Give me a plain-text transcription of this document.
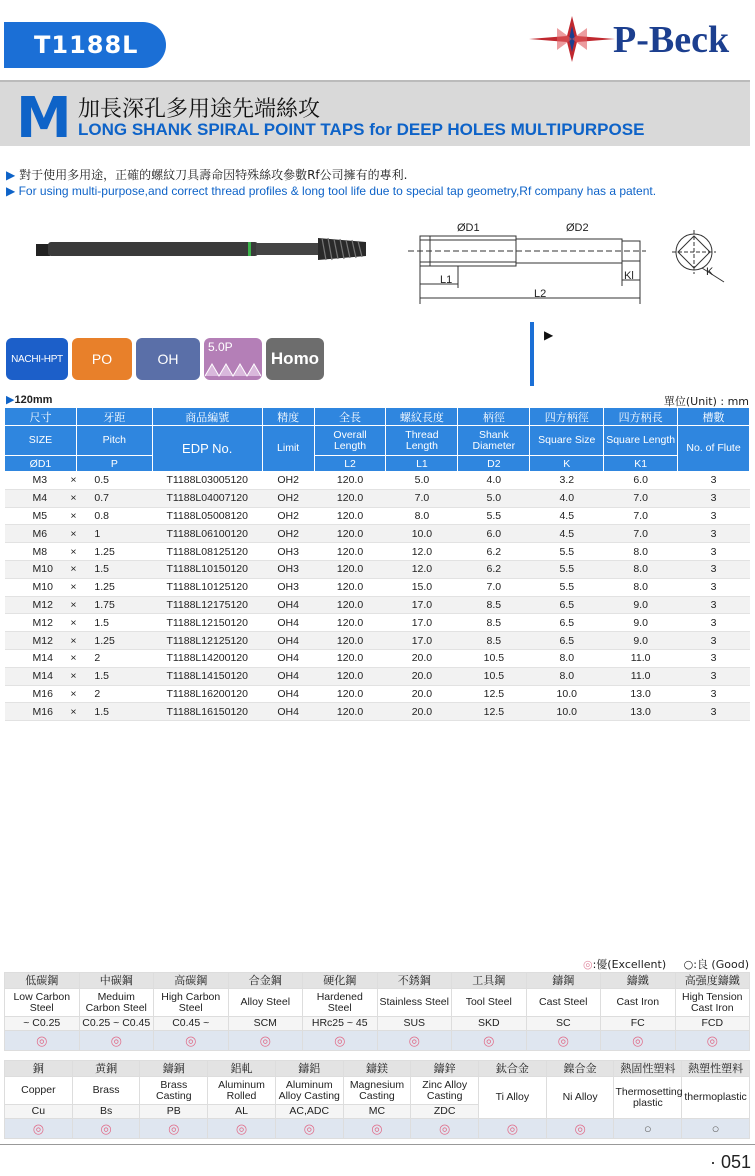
T1188L	P-Beck
M 加長深孔多用途先端絲攻
LONG SHANK SPIRAL POINT TAPS for DEEP HOLES MULTIPURPOSE
▶ 對于使用多用途，正確的螺紋刀具壽命因特殊絲攻參數Rf公司擁有的專利.
▶ For using multi-purpose,and correct thread profiles & long tool life due to special tap geometry,Rf company has a patent.
ØD1	ØD2
L1
L2
Kl	K
NACHI-HPT	PO	OH
5.0P
Homo
▶
▶120mm	單位(Unit) : mm
尺寸	牙距	商品編號	精度	全長	螺紋長度	柄徑	四方柄徑	四方柄長	槽數
SIZE	Pitch	EDP No.	Limit	Overall Length	Thread Length	Shank Diameter	Square Size	Square Length	No. of Flute
ØD1	P			L2	L1	D2	K	K1	
M3	× 0.5	T1188L03005120	OH2	120.0	5.0	4.0	3.2	6.0	3
M4	× 0.7	T1188L04007120	OH2	120.0	7.0	5.0	4.0	7.0	3
M5	× 0.8	T1188L05008120	OH2	120.0	8.0	5.5	4.5	7.0	3
M6	× 1	T1188L06100120	OH2	120.0	10.0	6.0	4.5	7.0	3
M8	× 1.25	T1188L08125120	OH3	120.0	12.0	6.2	5.5	8.0	3
M10	× 1.5	T1188L10150120	OH3	120.0	12.0	6.2	5.5	8.0	3
M10	× 1.25	T1188L10125120	OH3	120.0	15.0	7.0	5.5	8.0	3
M12	× 1.75	T1188L12175120	OH4	120.0	17.0	8.5	6.5	9.0	3
M12	× 1.5	T1188L12150120	OH4	120.0	17.0	8.5	6.5	9.0	3
M12	× 1.25	T1188L12125120	OH4	120.0	17.0	8.5	6.5	9.0	3
M14	× 2	T1188L14200120	OH4	120.0	20.0	10.5	8.0	11.0	3
M14	× 1.5	T1188L14150120	OH4	120.0	20.0	10.5	8.0	11.0	3
M16	× 2	T1188L16200120	OH4	120.0	20.0	12.5	10.0	13.0	3
M16	× 1.5	T1188L16150120	OH4	120.0	20.0	12.5	10.0	13.0	3
◎:優(Excellent) ○:良 (Good)
低碳鋼	中碳鋼	高碳鋼	合金鋼	硬化鋼	不銹鋼	工具鋼	鑄鋼	鑄鐵	高强度鑄鐵
Low Carbon Steel	Meduim Carbon Steel	High Carbon Steel	Alloy Steel	Hardened Steel	Stainless Steel	Tool Steel	Cast Steel	Cast Iron	High Tension Cast Iron
~ C0.25	C0.25 ~ C0.45	C0.45 ~	SCM	HRc25 ~ 45	SUS	SKD	SC	FC	FCD
◎	◎	◎	◎	◎	◎	◎	◎	◎	◎
銅	黄銅	鑄銅	鋁軋	鑄鋁	鑄鎂	鑄鋅	鈦合金	鎳合金	熱固性塑料	熱塑性塑料
Copper	Brass	Brass Casting	Aluminum Rolled	Aluminum Alloy Casting	Magnesium Casting	Zinc Alloy Casting	Ti Alloy	Ni Alloy	Thermosetting plastic	thermoplastic
Cu	Bs	PB	AL	AC,ADC	MC	ZDC				
◎	◎	◎	◎	◎	◎	◎	◎	◎	○	○
· 051
